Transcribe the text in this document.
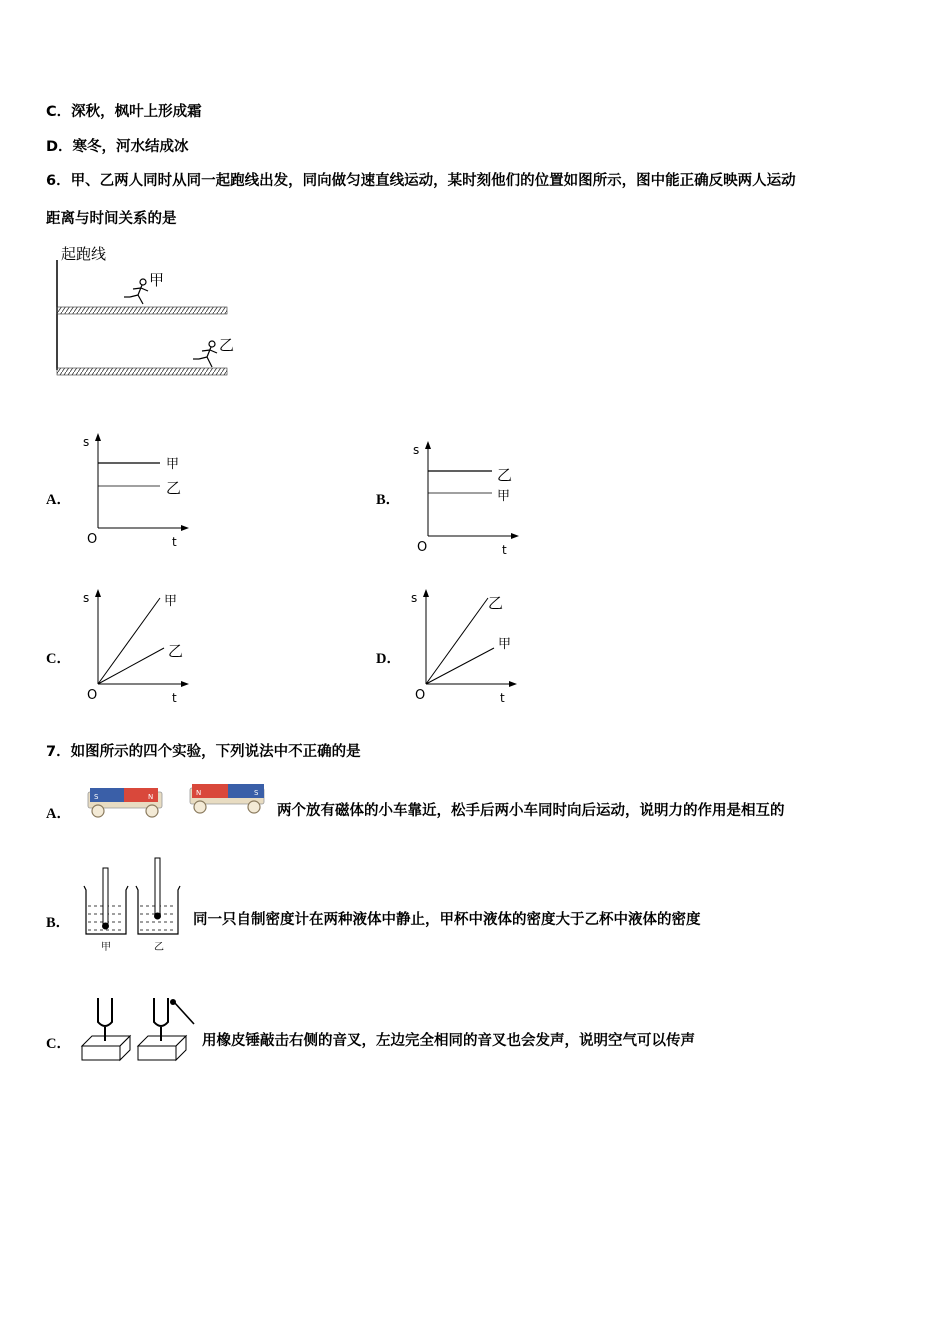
C．深秋，枫叶上形成霜
D．寒冬，河水结成冰
6．甲、乙两人同时从同一起跑线出发，同向做匀速直线运动，某时刻他们的位置如图所示，图中能正确反映两人运动
距离与时间关系的是
起跑线
甲
乙
A．
s
t
O
甲
乙
B．
s
t
O
乙
甲
C．
s
t
O
甲
乙	D．
s
t
O
乙
甲
7．如图所示的四个实验，下列说法中不正确的是
A．
S	N	N	S
两个放有磁体的小车靠近，松手后两小车同时向后运动，说明力的作用是相互的
B．
甲	乙
同一只自制密度计在两种液体中静止，甲杯中液体的密度大于乙杯中液体的密度
C．	用橡皮锤敲击右侧的音叉，左边完全相同的音叉也会发声，说明空气可以传声
